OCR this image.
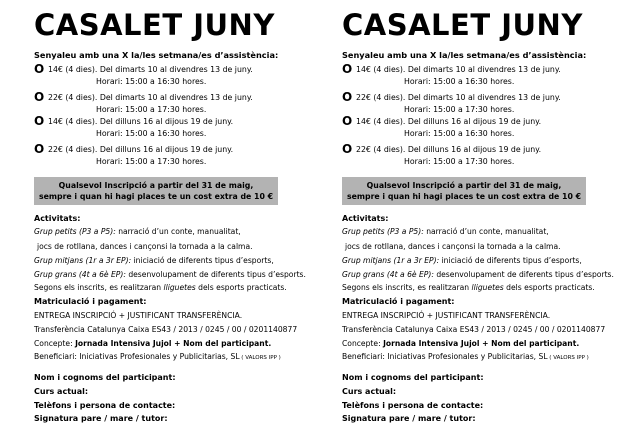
CASALET JUNY
Senyaleu amb una X la/les setmana/es d’assistència:
O 14€ (4 dies). Del dimarts 10 al divendres 13 de juny.
Horari: 15:00 a 16:30 hores.
O 22€ (4 dies). Del dimarts 10 al divendres 13 de juny.
Horari: 15:00 a 17:30 hores.
O 14€ (4 dies). Del dilluns 16 al dijous 19 de juny.
Horari: 15:00 a 16:30 hores.
O 22€ (4 dies). Del dilluns 16 al dijous 19 de juny.
Horari: 15:00 a 17:30 hores.
Qualsevol Inscripció a partir del 31 de maig,
sempre i quan hi hagi places te un cost extra de 10 €
Activitats:
Grup petits (P3 a P5): narració d’un conte, manualitat,
jocs de rotllana, dances i cançonsi la tornada a la calma.
Grup mitjans (1r a 3r EP): iniciació de diferents tipus d’esports,
Grup grans (4t a 6è EP): desenvolupament de diferents tipus d’esports.
Segons els inscrits, es realitzaran lliguetes dels esports practicats.
Matriculació i pagament:
ENTREGA INSCRIPCIÓ + JUSTIFICANT TRANSFERÈNCIA.
Transferència Catalunya Caixa ES43 / 2013 / 0245 / 00 / 0201140877
Concepte: Jornada Intensiva Jujol + Nom del participant.
Beneficiari: Iniciativas Profesionales y Publicitarias, SL ( VALORS IPP )
Nom i cognoms del participant:
Curs actual:
Telèfons i persona de contacte:
Signatura pare / mare / tutor:
CASALET JUNY
Senyaleu amb una X la/les setmana/es d’assistència:
O 14€ (4 dies). Del dimarts 10 al divendres 13 de juny.
Horari: 15:00 a 16:30 hores.
O 22€ (4 dies). Del dimarts 10 al divendres 13 de juny.
Horari: 15:00 a 17:30 hores.
O 14€ (4 dies). Del dilluns 16 al dijous 19 de juny.
Horari: 15:00 a 16:30 hores.
O 22€ (4 dies). Del dilluns 16 al dijous 19 de juny.
Horari: 15:00 a 17:30 hores.
Qualsevol Inscripció a partir del 31 de maig,
sempre i quan hi hagi places te un cost extra de 10 €
Activitats:
Grup petits (P3 a P5): narració d’un conte, manualitat,
jocs de rotllana, dances i cançonsi la tornada a la calma.
Grup mitjans (1r a 3r EP): iniciació de diferents tipus d’esports,
Grup grans (4t a 6è EP): desenvolupament de diferents tipus d’esports.
Segons els inscrits, es realitzaran lliguetes dels esports practicats.
Matriculació i pagament:
ENTREGA INSCRIPCIÓ + JUSTIFICANT TRANSFERÈNCIA.
Transferència Catalunya Caixa ES43 / 2013 / 0245 / 00 / 0201140877
Concepte: Jornada Intensiva Jujol + Nom del participant.
Beneficiari: Iniciativas Profesionales y Publicitarias, SL ( VALORS IPP )
Nom i cognoms del participant:
Curs actual:
Telèfons i persona de contacte:
Signatura pare / mare / tutor:
